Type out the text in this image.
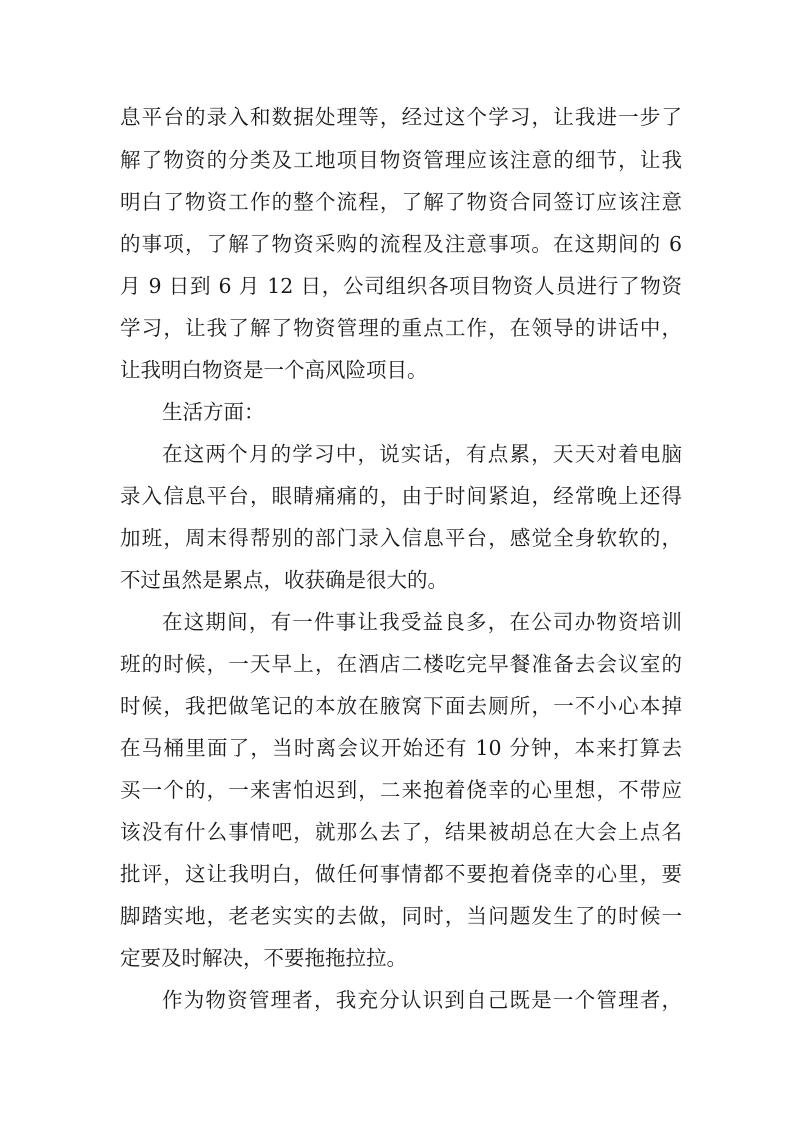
息平台的录入和数据处理等，经过这个学习，让我进一步了
解了物资的分类及工地项目物资管理应该注意的细节，让我
明白了物资工作的整个流程，了解了物资合同签订应该注意
的事项，了解了物资采购的流程及注意事项。在这期间的 6
月 9 日到 6 月 12 日，公司组织各项目物资人员进行了物资
学习，让我了解了物资管理的重点工作，在领导的讲话中，
让我明白物资是一个高风险项目。
生活方面：
在这两个月的学习中，说实话，有点累，天天对着电脑
录入信息平台，眼睛痛痛的，由于时间紧迫，经常晚上还得
加班，周末得帮别的部门录入信息平台，感觉全身软软的，
不过虽然是累点，收获确是很大的。
在这期间，有一件事让我受益良多，在公司办物资培训
班的时候，一天早上，在酒店二楼吃完早餐准备去会议室的
时候，我把做笔记的本放在腋窝下面去厕所，一不小心本掉
在马桶里面了，当时离会议开始还有 10 分钟，本来打算去
买一个的，一来害怕迟到，二来抱着侥幸的心里想，不带应
该没有什么事情吧，就那么去了，结果被胡总在大会上点名
批评，这让我明白，做任何事情都不要抱着侥幸的心里，要
脚踏实地，老老实实的去做，同时，当问题发生了的时候一
定要及时解决，不要拖拖拉拉。
作为物资管理者，我充分认识到自己既是一个管理者，
